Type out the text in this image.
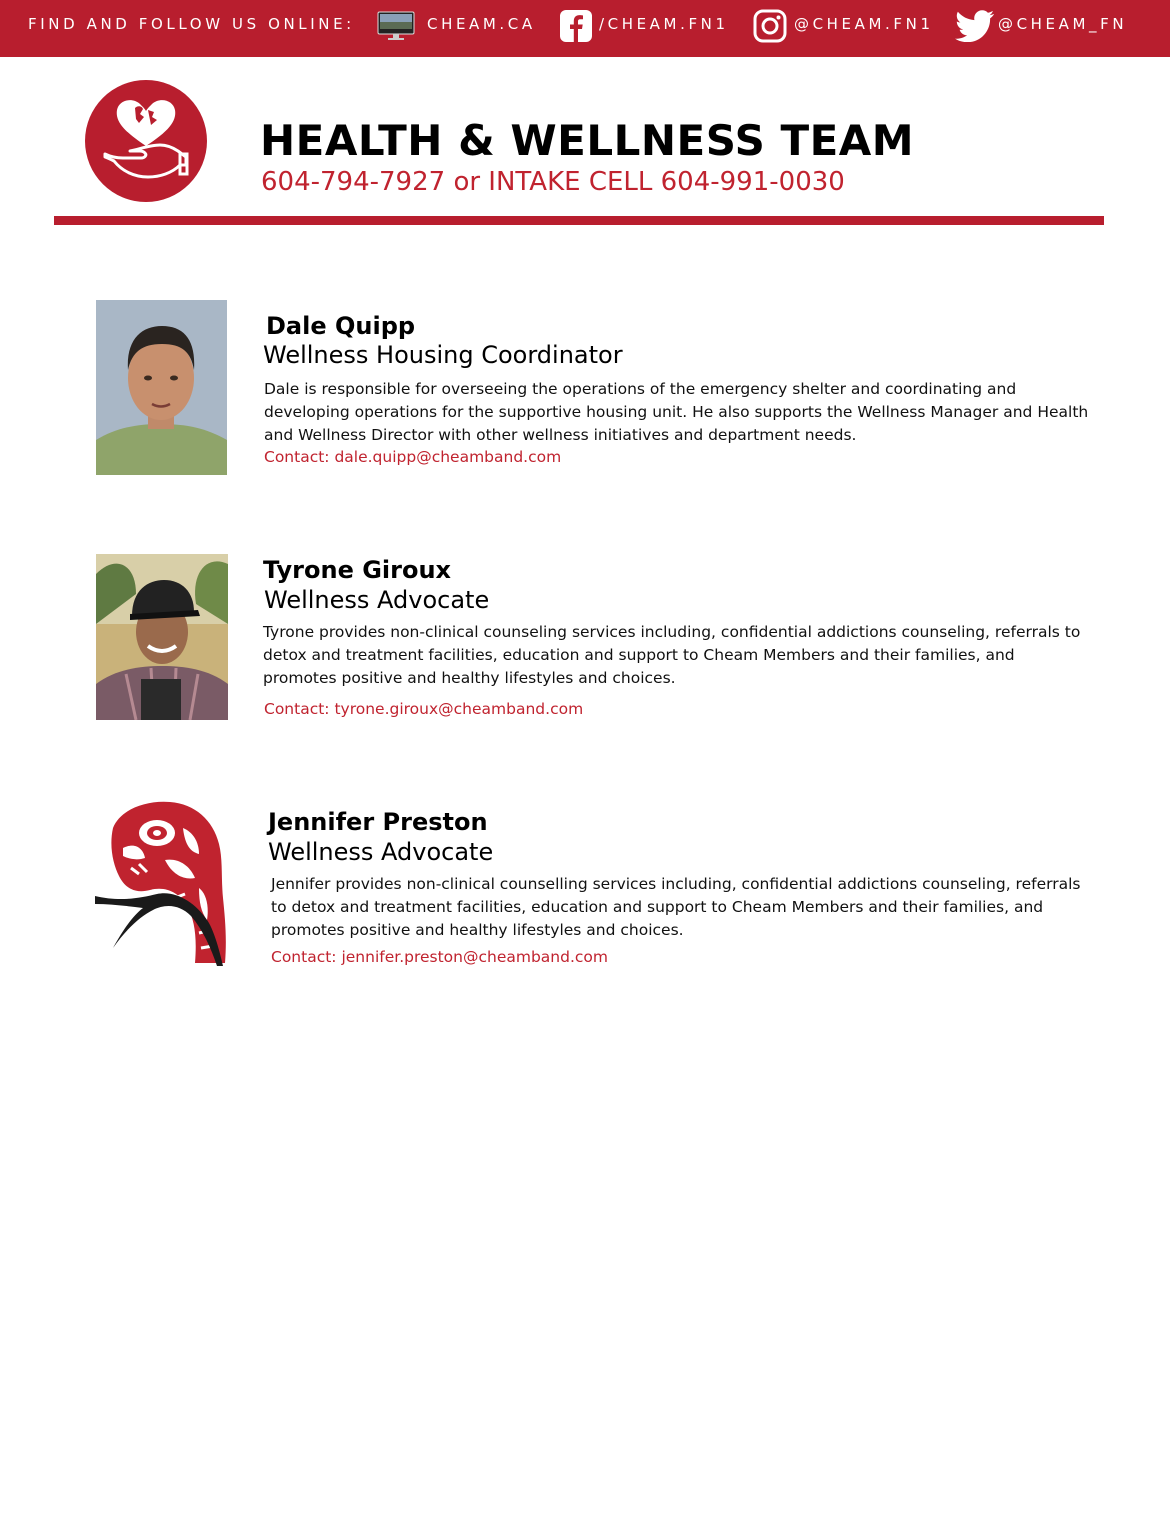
FIND AND FOLLOW US ONLINE:	CHEAM.CA	/CHEAM.FN1	@CHEAM.FN1	@CHEAM_FN
HEALTH & WELLNESS TEAM
604-794-7927 or INTAKE CELL 604-991-0030
Dale Quipp
Wellness Housing Coordinator
Dale is responsible for overseeing the operations of the emergency shelter and coordinating and developing operations for the supportive housing unit. He also supports the Wellness Manager and Health and Wellness Director with other wellness initiatives and department needs.
Contact: dale.quipp@cheamband.com
Tyrone Giroux
Wellness Advocate
Tyrone provides non-clinical counseling services including, confidential addictions counseling, referrals to detox and treatment facilities, education and support to Cheam Members and their families, and promotes positive and healthy lifestyles and choices.
Contact: tyrone.giroux@cheamband.com
Jennifer Preston
Wellness Advocate
Jennifer provides non-clinical counselling services including, confidential addictions counseling, referrals to detox and treatment facilities, education and support to Cheam Members and their families, and promotes positive and healthy lifestyles and choices.
Contact: jennifer.preston@cheamband.com
